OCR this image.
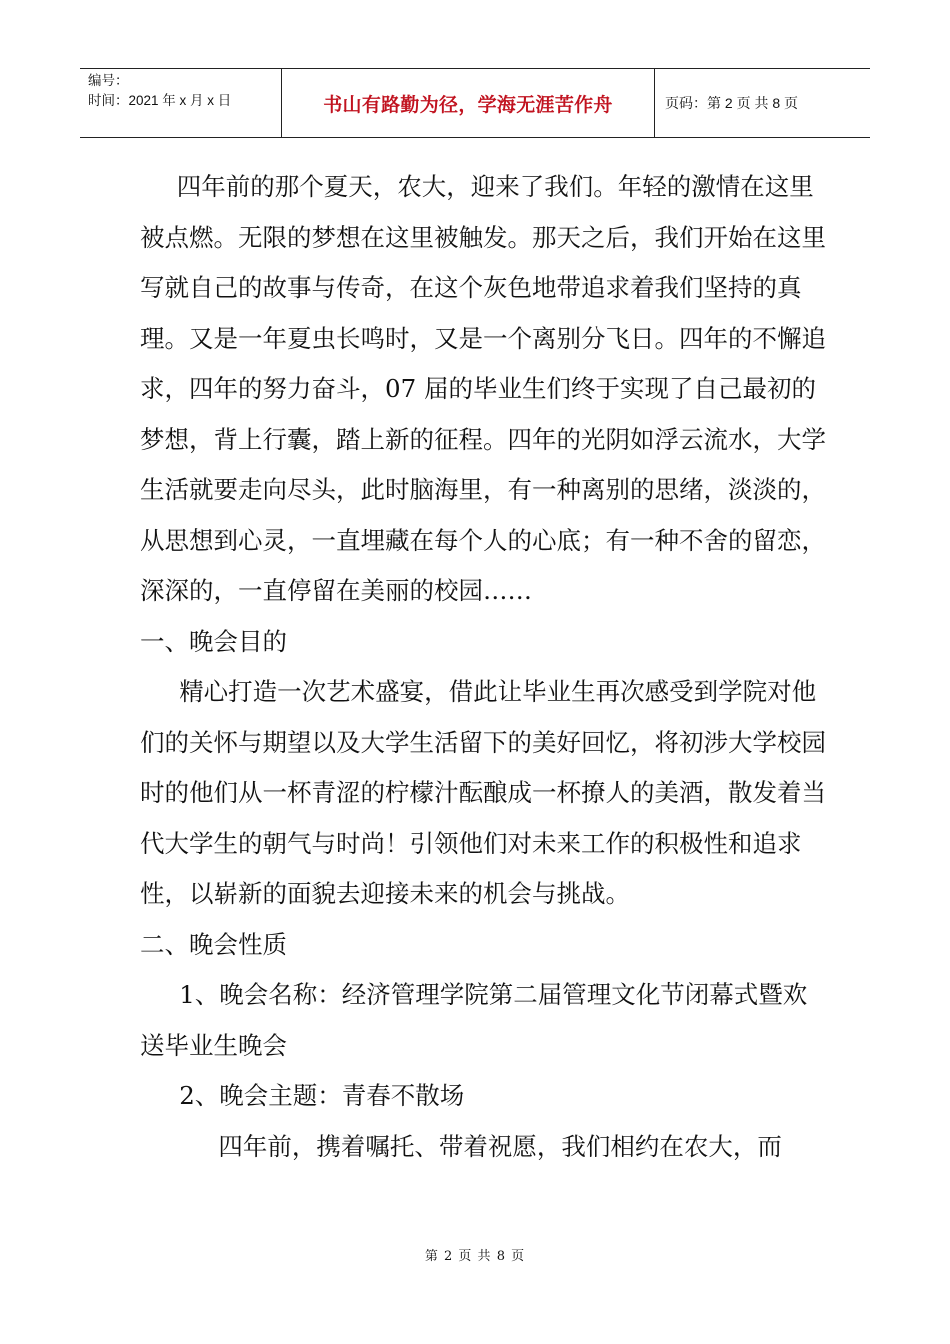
编号：
时间：2021 年 x 月 x 日	书山有路勤为径，学海无涯苦作舟	页码：第 2 页 共 8 页

四年前的那个夏天，农大，迎来了我们。年轻的激情在这里被点燃。无限的梦想在这里被触发。那天之后，我们开始在这里写就自己的故事与传奇，在这个灰色地带追求着我们坚持的真理。又是一年夏虫长鸣时，又是一个离别分飞日。四年的不懈追求，四年的努力奋斗，07 届的毕业生们终于实现了自己最初的梦想，背上行囊，踏上新的征程。四年的光阴如浮云流水，大学生活就要走向尽头，此时脑海里，有一种离别的思绪，淡淡的，从思想到心灵，一直埋藏在每个人的心底；有一种不舍的留恋，深深的，一直停留在美丽的校园……

一、晚会目的

精心打造一次艺术盛宴，借此让毕业生再次感受到学院对他们的关怀与期望以及大学生活留下的美好回忆，将初涉大学校园时的他们从一杯青涩的柠檬汁酝酿成一杯撩人的美酒，散发着当代大学生的朝气与时尚！引领他们对未来工作的积极性和追求性，以崭新的面貌去迎接未来的机会与挑战。

二、晚会性质

1、晚会名称：经济管理学院第二届管理文化节闭幕式暨欢送毕业生晚会

2、晚会主题：青春不散场

四年前，携着嘱托、带着祝愿，我们相约在农大，而

第 2 页 共 8 页
